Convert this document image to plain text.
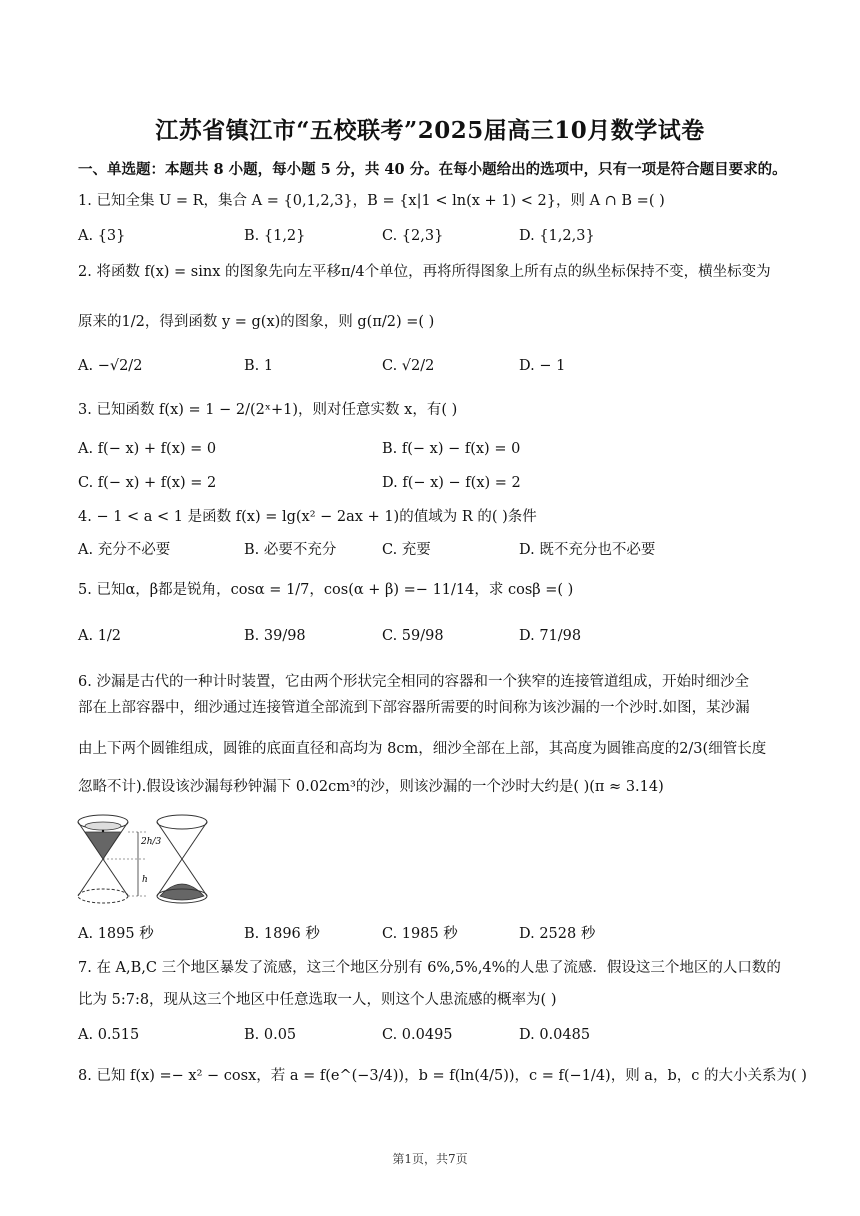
江苏省镇江市“五校联考”2025届高三10月数学试卷
一、单选题：本题共 8 小题，每小题 5 分，共 40 分。在每小题给出的选项中，只有一项是符合题目要求的。
1. 已知全集 U = R，集合 A = {0,1,2,3}，B = {x|1 < ln(x + 1) < 2}，则 A ∩ B =( )
A. {3}	B. {1,2}	C. {2,3}	D. {1,2,3}
2. 将函数 f(x) = sinx 的图象先向左平移π/4个单位，再将所得图象上所有点的纵坐标保持不变，横坐标变为
原来的1/2，得到函数 y = g(x)的图象，则 g(π/2) =( )
A. −√2/2	B. 1	C. √2/2	D. − 1
3. 已知函数 f(x) = 1 − 2/(2ˣ+1)，则对任意实数 x，有( )
A. f(− x) + f(x) = 0	B. f(− x) − f(x) = 0
C. f(− x) + f(x) = 2	D. f(− x) − f(x) = 2
4. − 1 < a < 1 是函数 f(x) = lg(x² − 2ax + 1)的值域为 R 的( )条件
A. 充分不必要	B. 必要不充分	C. 充要	D. 既不充分也不必要
5. 已知α，β都是锐角，cosα = 1/7，cos(α + β) =− 11/14，求 cosβ =( )
A. 1/2	B. 39/98	C. 59/98	D. 71/98
6. 沙漏是古代的一种计时装置，它由两个形状完全相同的容器和一个狭窄的连接管道组成，开始时细沙全
部在上部容器中，细沙通过连接管道全部流到下部容器所需要的时间称为该沙漏的一个沙时.如图，某沙漏
由上下两个圆锥组成，圆锥的底面直径和高均为 8cm，细沙全部在上部，其高度为圆锥高度的2/3(细管长度
忽略不计).假设该沙漏每秒钟漏下 0.02cm³的沙，则该沙漏的一个沙时大约是( )(π ≈ 3.14)
2h/3
h
A. 1895 秒	B. 1896 秒	C. 1985 秒	D. 2528 秒
7. 在 A,B,C 三个地区暴发了流感，这三个地区分别有 6%,5%,4%的人患了流感．假设这三个地区的人口数的
比为 5:7:8，现从这三个地区中任意选取一人，则这个人患流感的概率为( )
A. 0.515	B. 0.05	C. 0.0495	D. 0.0485
8. 已知 f(x) =− x² − cosx，若 a = f(e^(−3/4))，b = f(ln(4/5))，c = f(−1/4)，则 a，b，c 的大小关系为( )
第1页，共7页
